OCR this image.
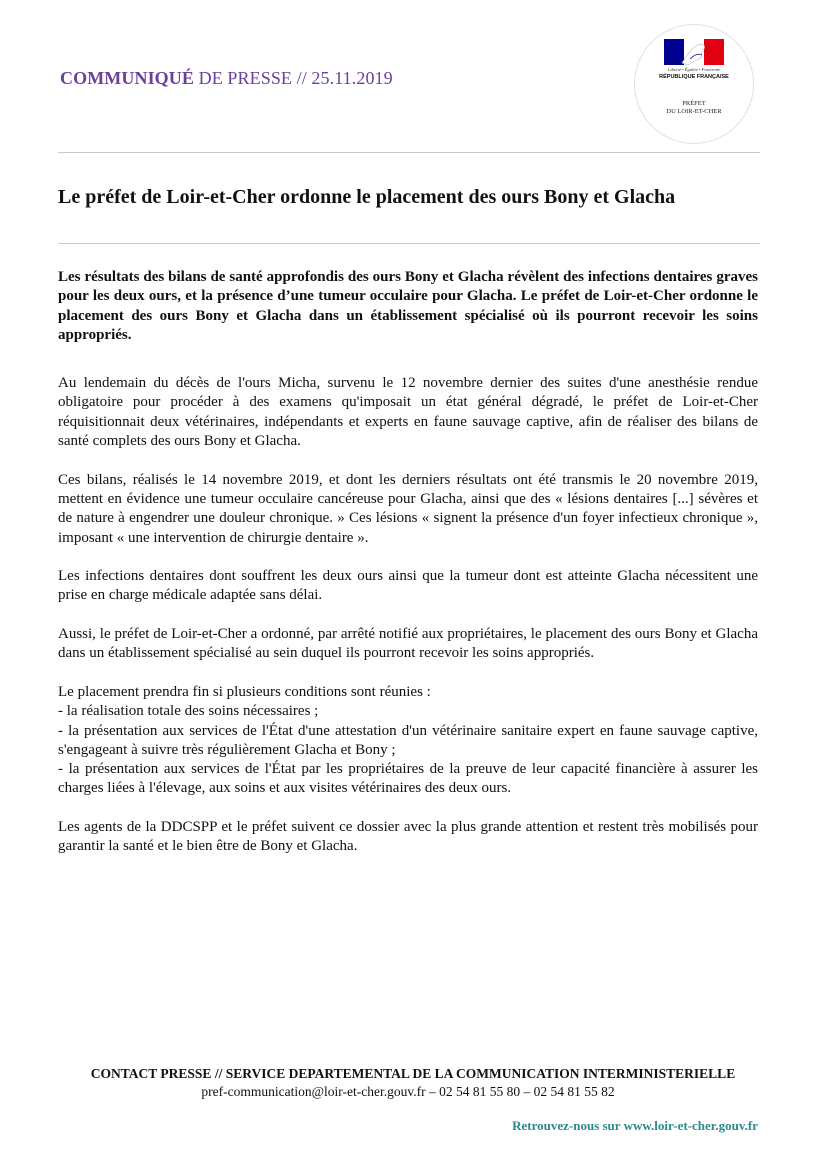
COMMUNIQUÉ DE PRESSE // 25.11.2019	Liberté • Égalité • Fraternité
RÉPUBLIQUE FRANÇAISE
PRÉFET
DU LOIR-ET-CHER
Le préfet de Loir-et-Cher ordonne le placement des ours Bony et Glacha

Les résultats des bilans de santé approfondis des ours Bony et Glacha révèlent des infections dentaires graves pour les deux ours, et la présence d’une tumeur occulaire pour Glacha. Le préfet de Loir-et-Cher ordonne le placement des ours Bony et Glacha dans un établissement spécialisé où ils pourront recevoir les soins appropriés.

Au lendemain du décès de l'ours Micha, survenu le 12 novembre dernier des suites d'une anesthésie rendue obligatoire pour procéder à des examens qu'imposait un état général dégradé, le préfet de Loir-et-Cher réquisitionnait deux vétérinaires, indépendants et experts en faune sauvage captive, afin de réaliser des bilans de santé complets des ours Bony et Glacha.

Ces bilans, réalisés le 14 novembre 2019, et dont les derniers résultats ont été transmis le 20 novembre 2019, mettent en évidence une tumeur occulaire cancéreuse pour Glacha, ainsi que des « lésions dentaires [...] sévères et de nature à engendrer une douleur chronique. » Ces lésions « signent la présence d'un foyer infectieux chronique », imposant « une intervention de chirurgie dentaire ».

Les infections dentaires dont souffrent les deux ours ainsi que la tumeur dont est atteinte Glacha nécessitent une prise en charge médicale adaptée sans délai.

Aussi, le préfet de Loir-et-Cher a ordonné, par arrêté notifié aux propriétaires, le placement des ours Bony et Glacha dans un établissement spécialisé au sein duquel ils pourront recevoir les soins appropriés.

Le placement prendra fin si plusieurs conditions sont réunies :
- la réalisation totale des soins nécessaires ;
- la présentation aux services de l'État d'une attestation d'un vétérinaire sanitaire expert en faune sauvage captive, s'engageant à suivre très régulièrement Glacha et Bony ;
- la présentation aux services de l'État par les propriétaires de la preuve de leur capacité financière à assurer les charges liées à l'élevage, aux soins et aux visites vétérinaires des deux ours.

Les agents de la DDCSPP et le préfet suivent ce dossier avec la plus grande attention et restent très mobilisés pour garantir la santé et le bien être de Bony et Glacha.

CONTACT PRESSE // SERVICE DEPARTEMENTAL DE LA COMMUNICATION INTERMINISTERIELLE
pref-communication@loir-et-cher.gouv.fr – 02 54 81 55 80 – 02 54 81 55 82
Retrouvez-nous sur www.loir-et-cher.gouv.fr
